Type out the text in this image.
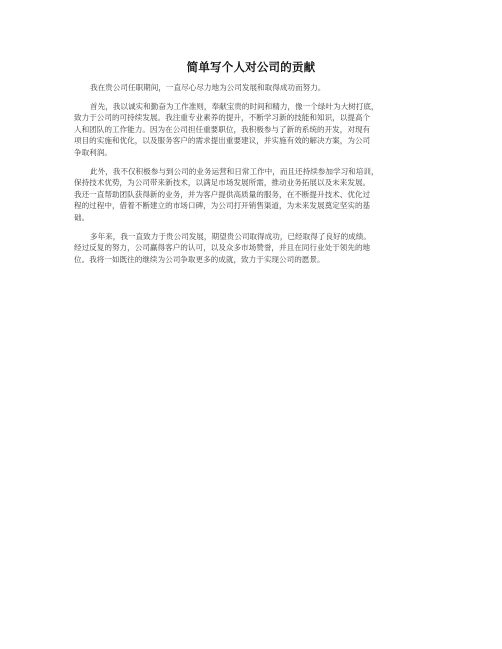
简单写个人对公司的贡献
我在贵公司任职期间，一直尽心尽力地为公司发展和取得成功而努力。
首先，我以诚实和勤奋为工作准则，奉献宝贵的时间和精力，像一个绿叶为大树打底，
致力于公司的可持续发展。我注重专业素养的提升，不断学习新的技能和知识，以提高个
人和团队的工作能力。因为在公司担任重要职位，我积极参与了新的系统的开发，对现有
项目的实施和优化，以及服务客户的需求提出重要建议，并实施有效的解决方案，为公司
争取利润。
此外，我不仅积极参与到公司的业务运营和日常工作中，而且还持续参加学习和培训，
保持技术优势，为公司带来新技术，以满足市场发展所需，推动业务拓展以及未来发展。
我还一直帮助团队获得新的业务，并为客户提供高质量的服务，在不断提升技术、优化过
程的过程中，借着不断建立的市场口碑，为公司打开销售渠道，为未来发展奠定坚实的基
础。
多年来，我一直致力于贵公司发展，期望贵公司取得成功，已经取得了良好的成绩。
经过反复的努力，公司赢得客户的认可，以及众多市场赞誉，并且在同行业处于领先的地
位。我将一如既往的继续为公司争取更多的成就，致力于实现公司的愿景。
